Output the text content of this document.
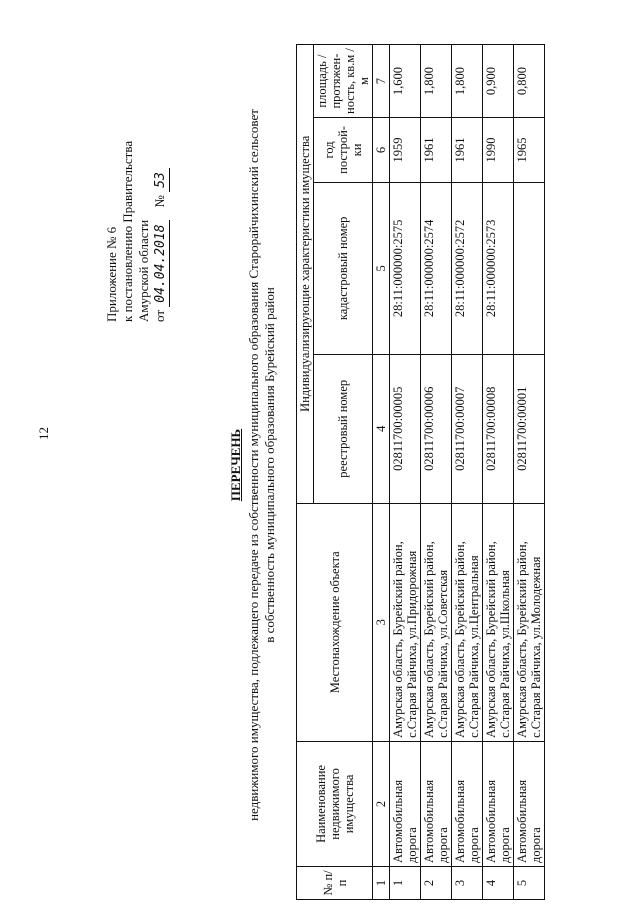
12
Приложение № 6 к постановлению Правительства Амурской области от 04.04.2018    № 53
ПЕРЕЧЕНЬ недвижимого имущества, подлежащего передаче из собственности муниципального образования Старорайчихинский сельсовет в собственность муниципального образования Бурейский район
№ п/п	Наименование недвижимого имущества	Местонахождение объекта	Индивидуализирующие характеристики имущества			
			реестровый номер	кадастровый номер	год построй-ки	площадь / протяжен-ность, кв.м / м
1	2	3	4	5	6	7
1	Автомобильная дорога	Амурская область, Бурейский район, с.Старая Райчиха, ул.Придорожная	02811700:00005	28:11:000000:2575	1959	1,600
2	Автомобильная дорога	Амурская область, Бурейский район, с.Старая Райчиха, ул.Советская	02811700:00006	28:11:000000:2574	1961	1,800
3	Автомобильная дорога	Амурская область, Бурейский район, с.Старая Райчиха, ул.Центральная	02811700:00007	28:11:000000:2572	1961	1,800
4	Автомобильная дорога	Амурская область, Бурейский район, с.Старая Райчиха, ул.Школьная	02811700:00008	28:11:000000:2573	1990	0,900
5	Автомобильная дорога	Амурская область, Бурейский район, с.Старая Райчиха, ул.Молодежная	02811700:00001		1965	0,800
